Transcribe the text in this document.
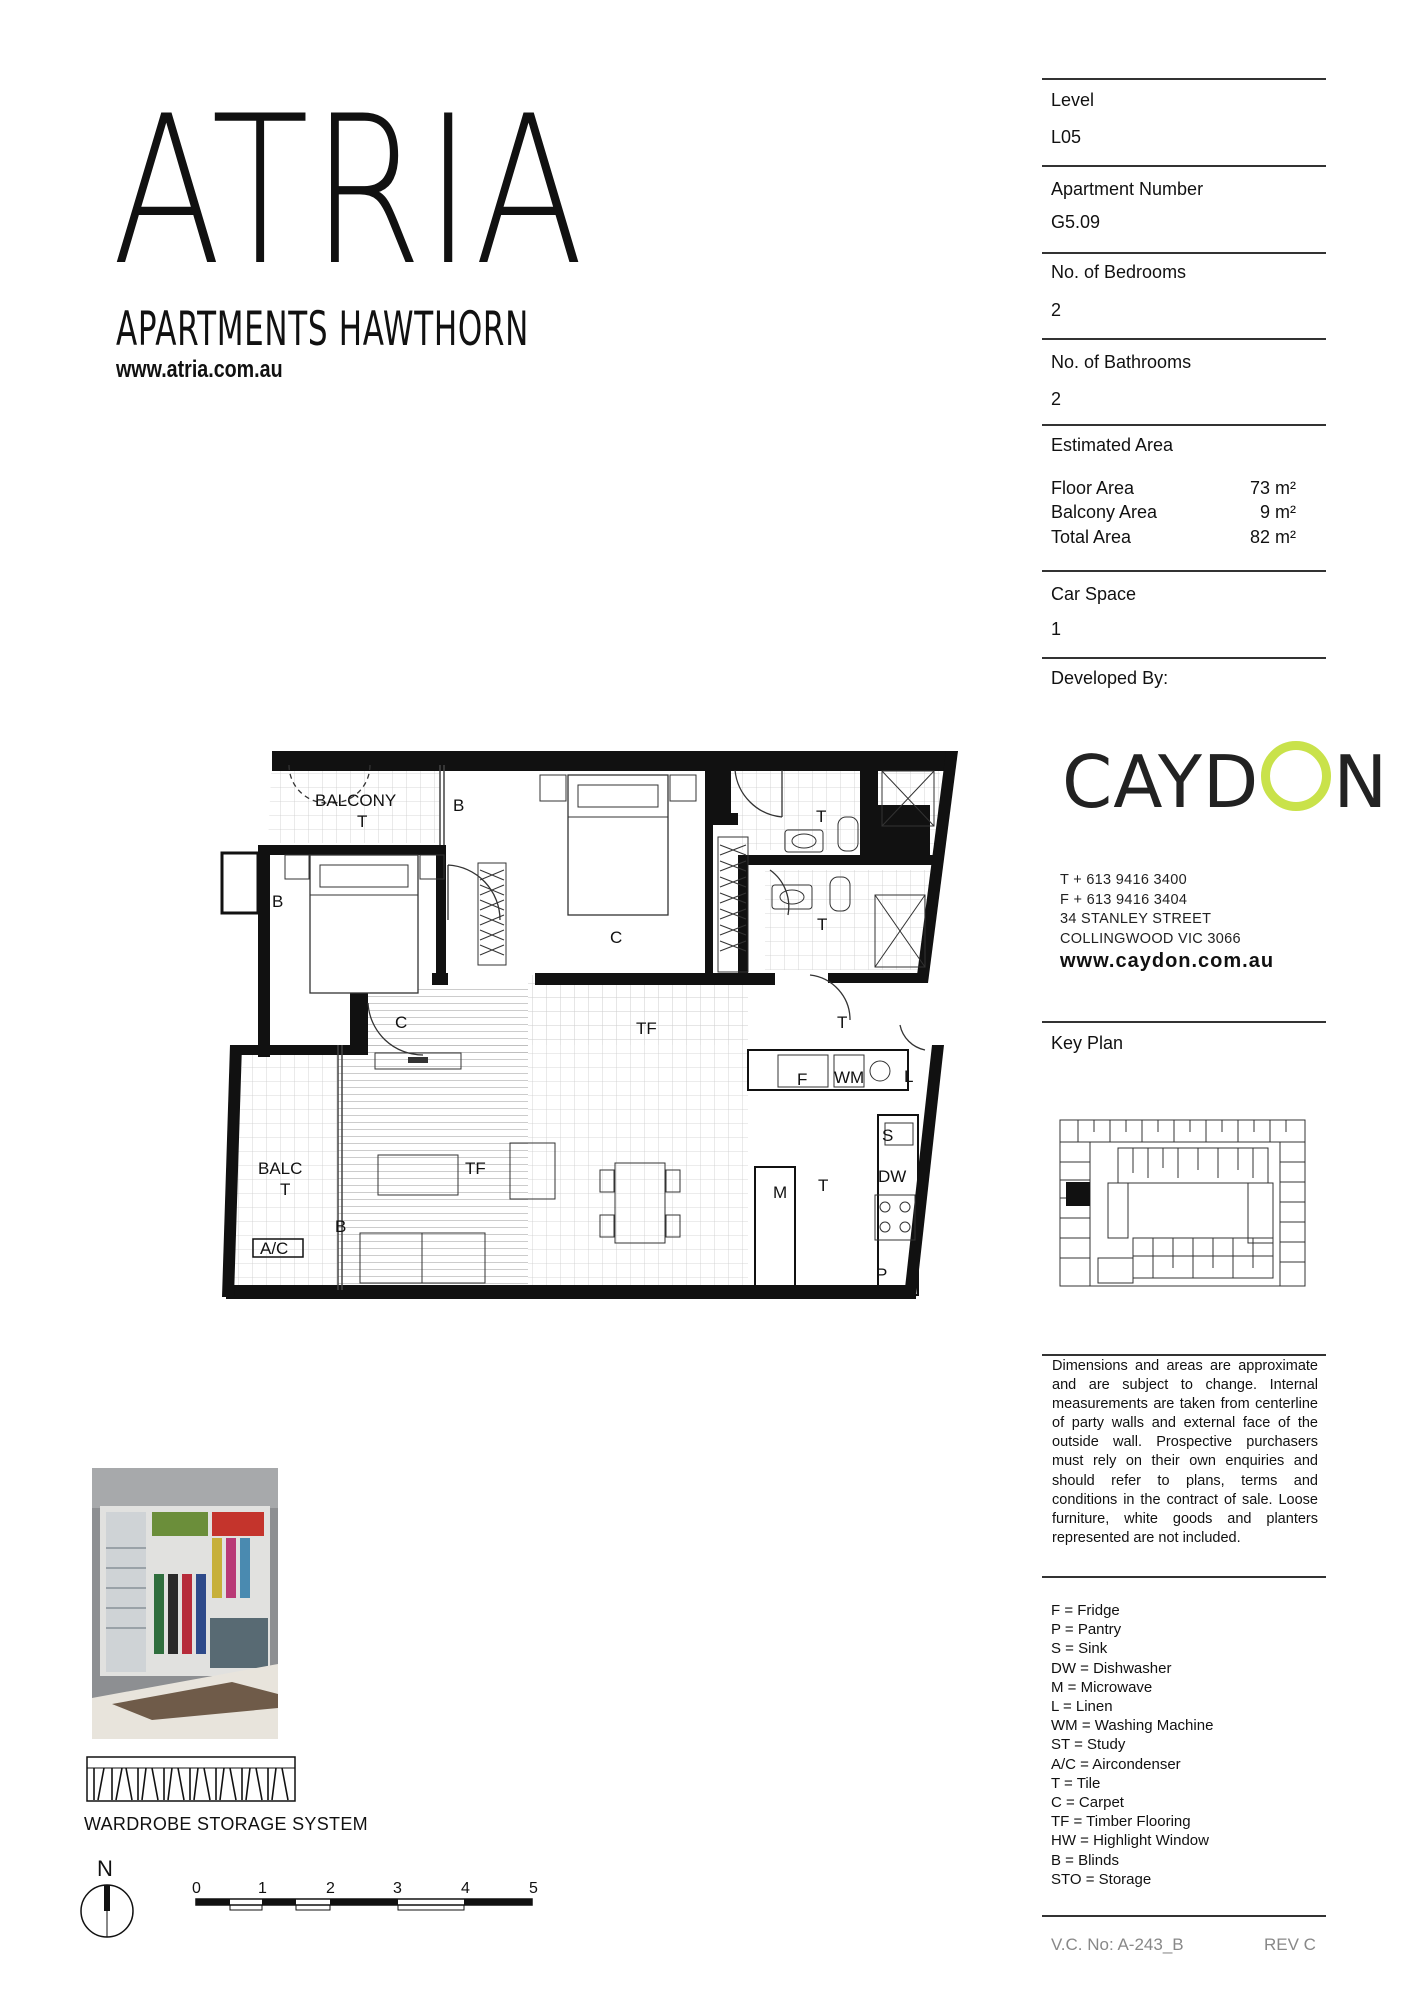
ATRIA
APARTMENTS HAWTHORN
www.atria.com.au
Level
L05
Apartment Number
G5.09
No. of Bedrooms
2
No. of Bathrooms
2
Estimated Area
Floor Area	73 m²
Balcony Area	9 m²
Total Area	82 m²
Car Space
1
Developed By:
CAYD N
T + 613 9416 3400
F + 613 9416 3404
34 STANLEY STREET
COLLINGWOOD VIC 3066
www.caydon.com.au
Key Plan
Dimensions and areas are approximate and are subject to change. Internal measurements are taken from centerline of party walls and external face of the outside wall. Prospective purchasers must rely on their own enquiries and should refer to plans, terms and conditions in the contract of sale. Loose furniture, white goods and planters represented are not included.
F = Fridge
P = Pantry
S = Sink
DW = Dishwasher
M = Microwave
L = Linen
WM = Washing Machine
ST = Study
A/C = Aircondenser
T = Tile
C = Carpet
TF = Timber Flooring
HW = Highlight Window
B = Blinds
STO = Storage
V.C. No: A-243_B	REV C
BALCONY
T
B
B
C
C
T
T
TF	T
F WM L
S
DW
M T
P
TF
BALC
T
B
A/C
WARDROBE STORAGE SYSTEM
N
0	1	2	3	4	5
